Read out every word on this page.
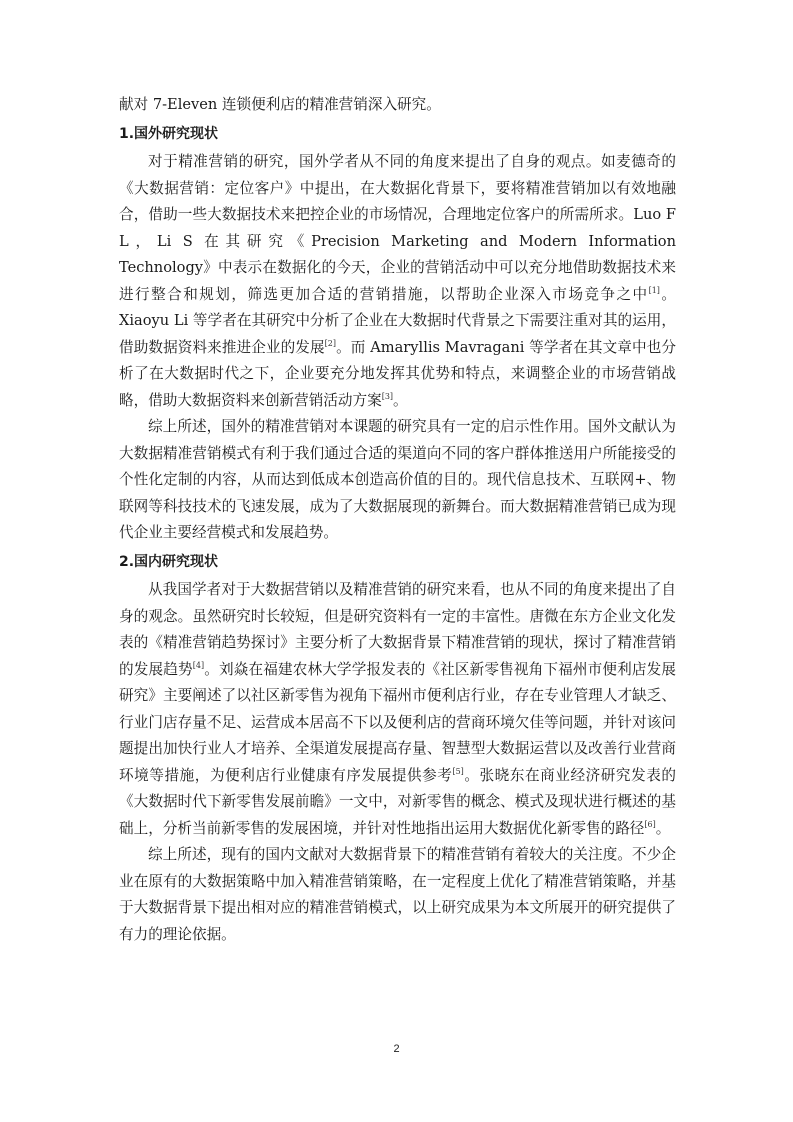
献对 7-Eleven 连锁便利店的精准营销深入研究。

1.国外研究现状

对于精准营销的研究，国外学者从不同的角度来提出了自身的观点。如麦德奇的《大数据营销：定位客户》中提出，在大数据化背景下，要将精准营销加以有效地融合，借助一些大数据技术来把控企业的市场情况，合理地定位客户的所需所求。Luo F L，Li S 在其研究《Precision Marketing and Modern Information Technology》中表示在数据化的今天，企业的营销活动中可以充分地借助数据技术来进行整合和规划，筛选更加合适的营销措施，以帮助企业深入市场竞争之中[1]。Xiaoyu Li 等学者在其研究中分析了企业在大数据时代背景之下需要注重对其的运用，借助数据资料来推进企业的发展[2]。而 Amaryllis Mavragani 等学者在其文章中也分析了在大数据时代之下，企业要充分地发挥其优势和特点，来调整企业的市场营销战略，借助大数据资料来创新营销活动方案[3]。

综上所述，国外的精准营销对本课题的研究具有一定的启示性作用。国外文献认为大数据精准营销模式有利于我们通过合适的渠道向不同的客户群体推送用户所能接受的个性化定制的内容，从而达到低成本创造高价值的目的。现代信息技术、互联网+、物联网等科技技术的飞速发展，成为了大数据展现的新舞台。而大数据精准营销已成为现代企业主要经营模式和发展趋势。

2.国内研究现状

从我国学者对于大数据营销以及精准营销的研究来看，也从不同的角度来提出了自身的观念。虽然研究时长较短，但是研究资料有一定的丰富性。唐微在东方企业文化发表的《精准营销趋势探讨》主要分析了大数据背景下精准营销的现状，探讨了精准营销的发展趋势[4]。刘焱在福建农林大学学报发表的《社区新零售视角下福州市便利店发展研究》主要阐述了以社区新零售为视角下福州市便利店行业，存在专业管理人才缺乏、行业门店存量不足、运营成本居高不下以及便利店的营商环境欠佳等问题，并针对该问题提出加快行业人才培养、全渠道发展提高存量、智慧型大数据运营以及改善行业营商环境等措施，为便利店行业健康有序发展提供参考[5]。张晓东在商业经济研究发表的《大数据时代下新零售发展前瞻》一文中，对新零售的概念、模式及现状进行概述的基础上，分析当前新零售的发展困境，并针对性地指出运用大数据优化新零售的路径[6]。

综上所述，现有的国内文献对大数据背景下的精准营销有着较大的关注度。不少企业在原有的大数据策略中加入精准营销策略，在一定程度上优化了精准营销策略，并基于大数据背景下提出相对应的精准营销模式，以上研究成果为本文所展开的研究提供了有力的理论依据。

2
